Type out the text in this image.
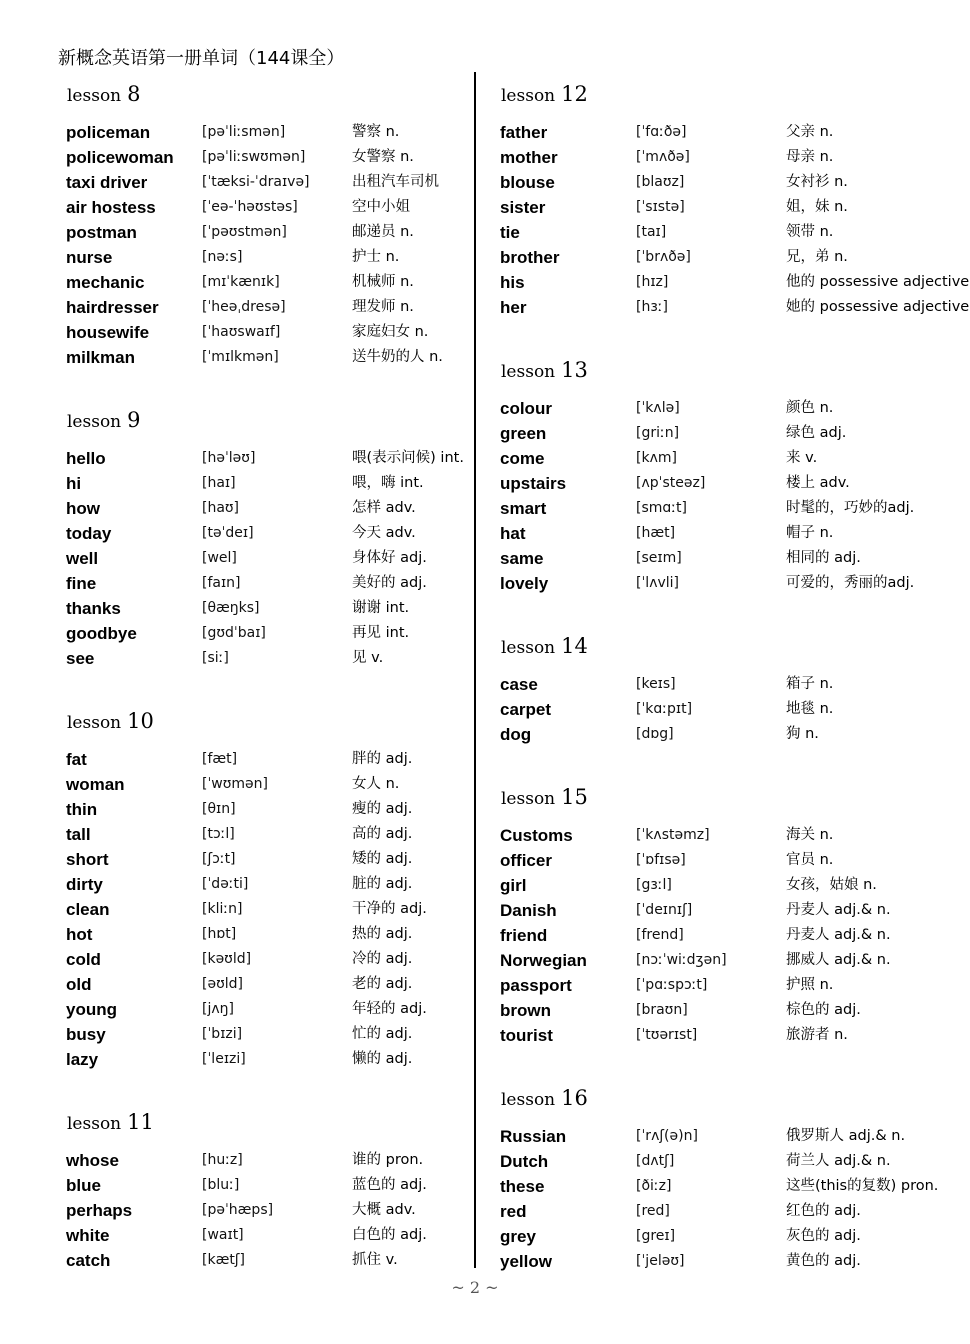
新概念英语第一册单词（144课全）
lesson 8
policeman	[pəˈliːsmən]	警察 n.
policewoman [pəˈliːswʊmən]	女警察 n.
taxi driver	[ˈtæksi-ˈdraɪvə]	出租汽车司机
air hostess	[ˈeə-ˈhəʊstəs]	空中小姐
postman	[ˈpəʊstmən]	邮递员 n.
nurse	[nəːs]	护士 n.
mechanic	[mɪˈkænɪk]	机械师 n.
hairdresser	[ˈheəˌdresə]	理发师 n.
housewife	[ˈhaʊswaɪf]	家庭妇女 n.
milkman	[ˈmɪlkmən]	送牛奶的人 n.
lesson 9
hello	[həˈləʊ]	喂(表示问候) int.
hi	[haɪ]	喂，嗨 int.
how	[haʊ]	怎样 adv.
today	[təˈdeɪ]	今天 adv.
well	[wel]	身体好 adj.
fine	[faɪn]	美好的 adj.
thanks	[θæŋks]	谢谢 int.
goodbye	[gʊdˈbaɪ]	再见 int.
see	[siː]	见 v.
lesson 10
fat	[fæt]	胖的 adj.
woman	[ˈwʊmən]	女人 n.
thin	[θɪn]	瘦的 adj.
tall	[tɔːl]	高的 adj.
short	[ʃɔːt]	矮的 adj.
dirty	[ˈdəːti]	脏的 adj.
clean	[kliːn]	干净的 adj.
hot	[hɒt]	热的 adj.
cold	[kəʊld]	冷的 adj.
old	[əʊld]	老的 adj.
young	[jʌŋ]	年轻的 adj.
busy	[ˈbɪzi]	忙的 adj.
lazy	[ˈleɪzi]	懒的 adj.
lesson 11
whose	[huːz]	谁的 pron.
blue	[bluː]	蓝色的 adj.
perhaps	[pəˈhæps]	大概 adv.
white	[waɪt]	白色的 adj.
catch	[kætʃ]	抓住 v.
lesson 12
father	[ˈfɑːðə]	父亲 n.
mother	[ˈmʌðə]	母亲 n.
blouse	[blaʊz]	女衬衫 n.
sister	[ˈsɪstə]	姐，妹 n.
tie	[taɪ]	领带 n.
brother	[ˈbrʌðə]	兄，弟 n.
his	[hɪz]	他的 possessive adjective
her	[hɜː]	她的 possessive adjective
lesson 13
colour	[ˈkʌlə]	颜色 n.
green	[griːn]	绿色 adj.
come	[kʌm]	来 v.
upstairs	[ʌpˈsteəz]	楼上 adv.
smart	[smɑːt]	时髦的，巧妙的adj.
hat	[hæt]	帽子 n.
same	[seɪm]	相同的 adj.
lovely	[ˈlʌvli]	可爱的，秀丽的adj.
lesson 14
case	[keɪs]	箱子 n.
carpet	[ˈkɑːpɪt]	地毯 n.
dog	[dɒg]	狗 n.
lesson 15
Customs	[ˈkʌstəmz]	海关 n.
officer	[ˈɒfɪsə]	官员 n.
girl	[gɜːl]	女孩，姑娘 n.
Danish	[ˈdeɪnɪʃ]	丹麦人 adj.& n.
friend	[frend]	丹麦人 adj.& n.
Norwegian	[nɔːˈwiːdʒən]	挪威人 adj.& n.
passport	[ˈpɑːspɔːt]	护照 n.
brown	[braʊn]	棕色的 adj.
tourist	[ˈtʊərɪst]	旅游者 n.
lesson 16
Russian	[ˈrʌʃ(ə)n]	俄罗斯人 adj.& n.
Dutch	[dʌtʃ]	荷兰人 adj.& n.
these	[ðiːz]	这些(this的复数) pron.
red	[red]	红色的 adj.
grey	[greɪ]	灰色的 adj.
yellow	[ˈjeləʊ]	黄色的 adj.
~ 2 ~
